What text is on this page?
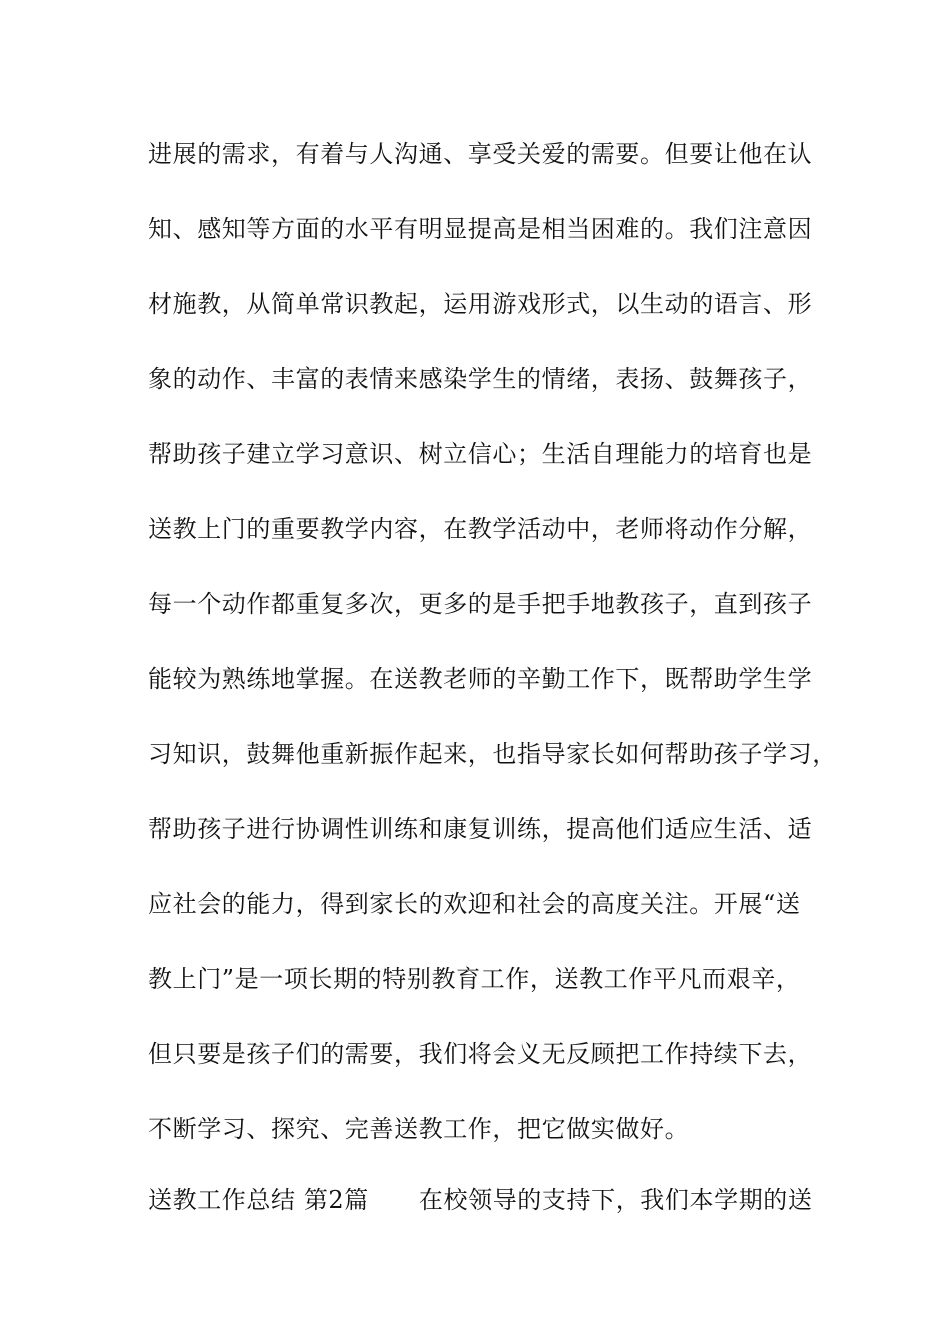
进展的需求，有着与人沟通、享受关爱的需要。但要让他在认
知、感知等方面的水平有明显提高是相当困难的。我们注意因
材施教，从简单常识教起，运用游戏形式，以生动的语言、形
象的动作、丰富的表情来感染学生的情绪，表扬、鼓舞孩子，
帮助孩子建立学习意识、树立信心；生活自理能力的培育也是
送教上门的重要教学内容，在教学活动中，老师将动作分解，
每一个动作都重复多次，更多的是手把手地教孩子，直到孩子
能较为熟练地掌握。在送教老师的辛勤工作下，既帮助学生学
习知识，鼓舞他重新振作起来，也指导家长如何帮助孩子学习，
帮助孩子进行协调性训练和康复训练，提高他们适应生活、适
应社会的能力，得到家长的欢迎和社会的高度关注。开展“送
教上门”是一项长期的特别教育工作，送教工作平凡而艰辛，
但只要是孩子们的需要，我们将会义无反顾把工作持续下去，
不断学习、探究、完善送教工作，把它做实做好。
送教工作总结 第2篇 在校领导的支持下，我们本学期的送
